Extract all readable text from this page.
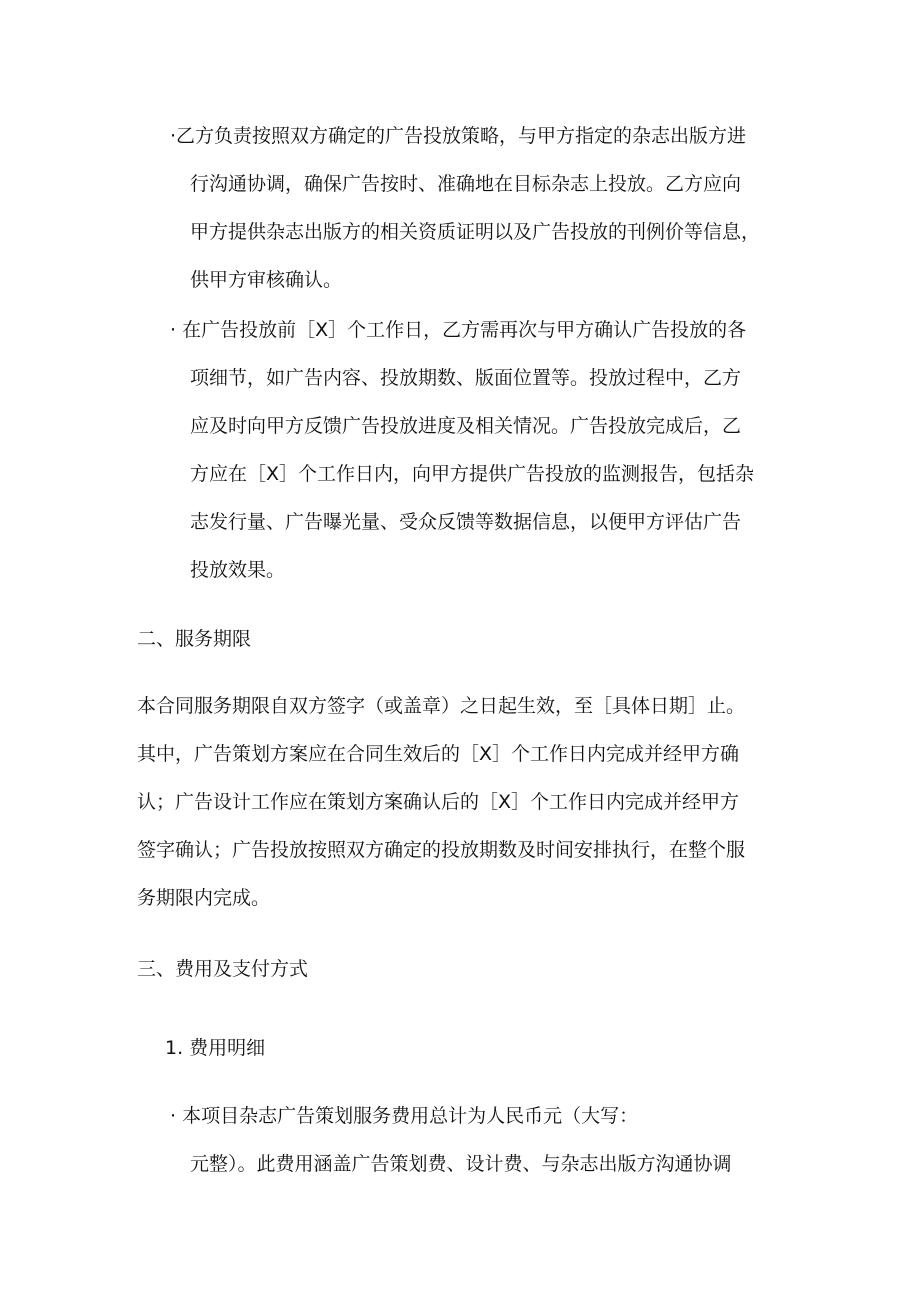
·乙方负责按照双方确定的广告投放策略，与甲方指定的杂志出版方进
行沟通协调，确保广告按时、准确地在目标杂志上投放。乙方应向
甲方提供杂志出版方的相关资质证明以及广告投放的刊例价等信息，
供甲方审核确认。
· 在广告投放前［X］个工作日，乙方需再次与甲方确认广告投放的各
项细节，如广告内容、投放期数、版面位置等。投放过程中，乙方
应及时向甲方反馈广告投放进度及相关情况。广告投放完成后，乙
方应在［X］个工作日内，向甲方提供广告投放的监测报告，包括杂
志发行量、广告曝光量、受众反馈等数据信息，以便甲方评估广告
投放效果。
二、服务期限
本合同服务期限自双方签字（或盖章）之日起生效，至［具体日期］止。
其中，广告策划方案应在合同生效后的［X］个工作日内完成并经甲方确
认；广告设计工作应在策划方案确认后的［X］个工作日内完成并经甲方
签字确认；广告投放按照双方确定的投放期数及时间安排执行，在整个服
务期限内完成。
三、费用及支付方式
1. 费用明细
· 本项目杂志广告策划服务费用总计为人民币元（大写：
元整）。此费用涵盖广告策划费、设计费、与杂志出版方沟通协调
